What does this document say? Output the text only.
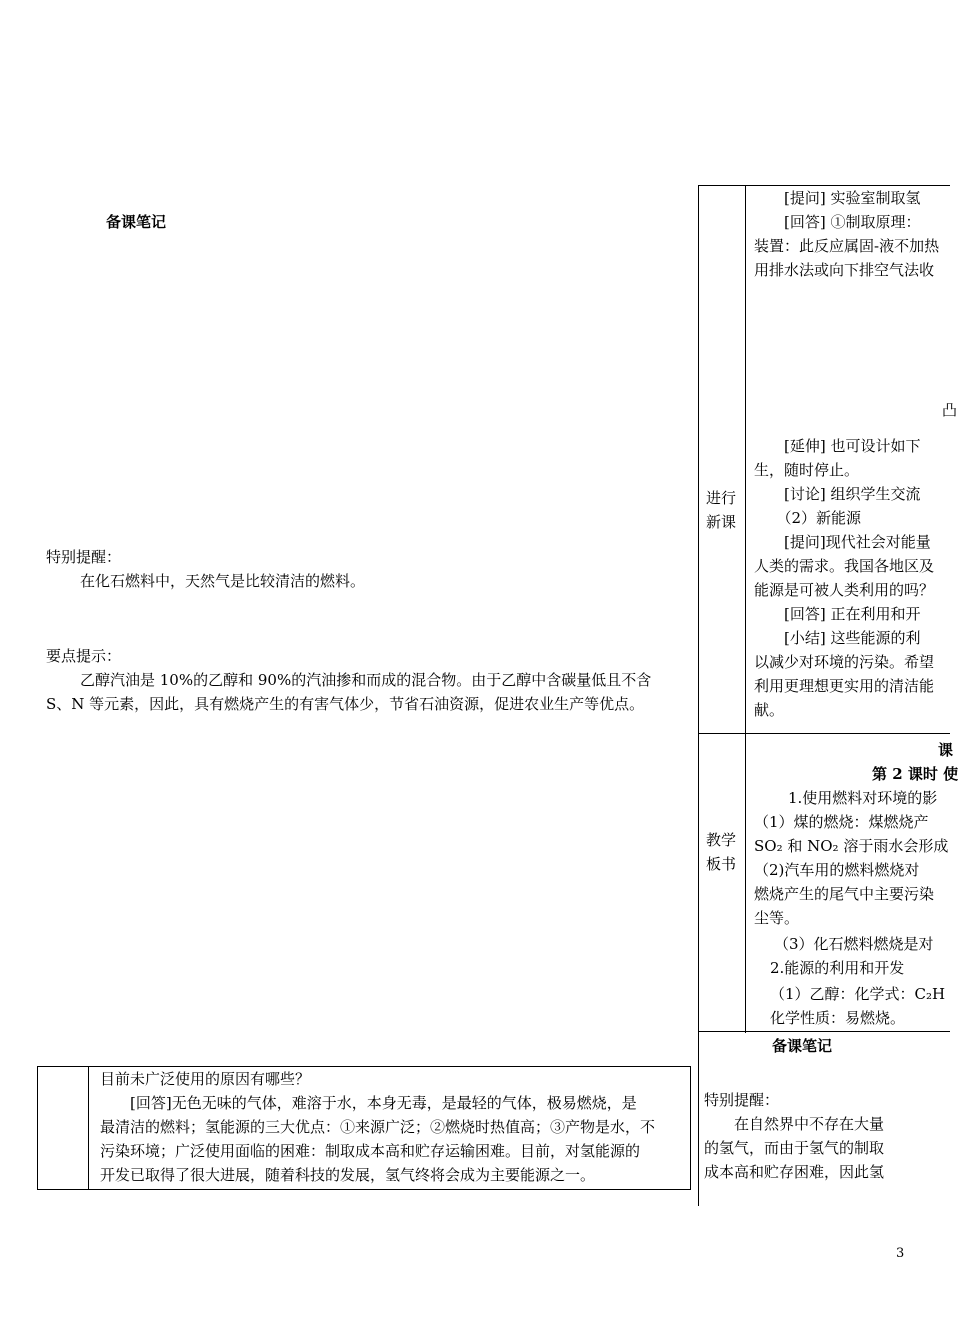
备课笔记
特别提醒：
在化石燃料中，天然气是比较清洁的燃料。
要点提示：
乙醇汽油是 10%的乙醇和 90%的汽油掺和而成的混合物。由于乙醇中含碳量低且不含
S、N 等元素，因此，具有燃烧产生的有害气体少，节省石油资源，促进农业生产等优点。
目前未广泛使用的原因有哪些？
　　[回答]无色无味的气体，难溶于水，本身无毒，是最轻的气体，极易燃烧，是
最清洁的燃料；氢能源的三大优点：①来源广泛；②燃烧时热值高；③产物是水，不
污染环境；广泛使用面临的困难：制取成本高和贮存运输困难。目前，对氢能源的
开发已取得了很大进展，随着科技的发展，氢气终将会成为主要能源之一。
进行新课
教学板书
　　[提问] 实验室制取氢
　　[回答] ①制取原理：
装置：此反应属固-液不加热
用排水法或向下排空气法收
凸
　　[延伸] 也可设计如下
生，随时停止。
　　[讨论] 组织学生交流
　　（2）新能源
　　[提问]现代社会对能量
人类的需求。我国各地区及
能源是可被人类利用的吗？
　　[回答] 正在利用和开
　　[小结] 这些能源的利
以减少对环境的污染。希望
利用更理想更实用的清洁能
献。
课
第 2 课时 使
1.使用燃料对环境的影
（1）煤的燃烧：煤燃烧产
SO₂ 和 NO₂ 溶于雨水会形成
（2)汽车用的燃料燃烧对
燃烧产生的尾气中主要污染
尘等。
（3）化石燃料燃烧是对
2.能源的利用和开发
（1）乙醇：化学式：C₂H
化学性质：易燃烧。
备课笔记
特别提醒：
　　在自然界中不存在大量
的氢气，而由于氢气的制取
成本高和贮存困难，因此氢
3
